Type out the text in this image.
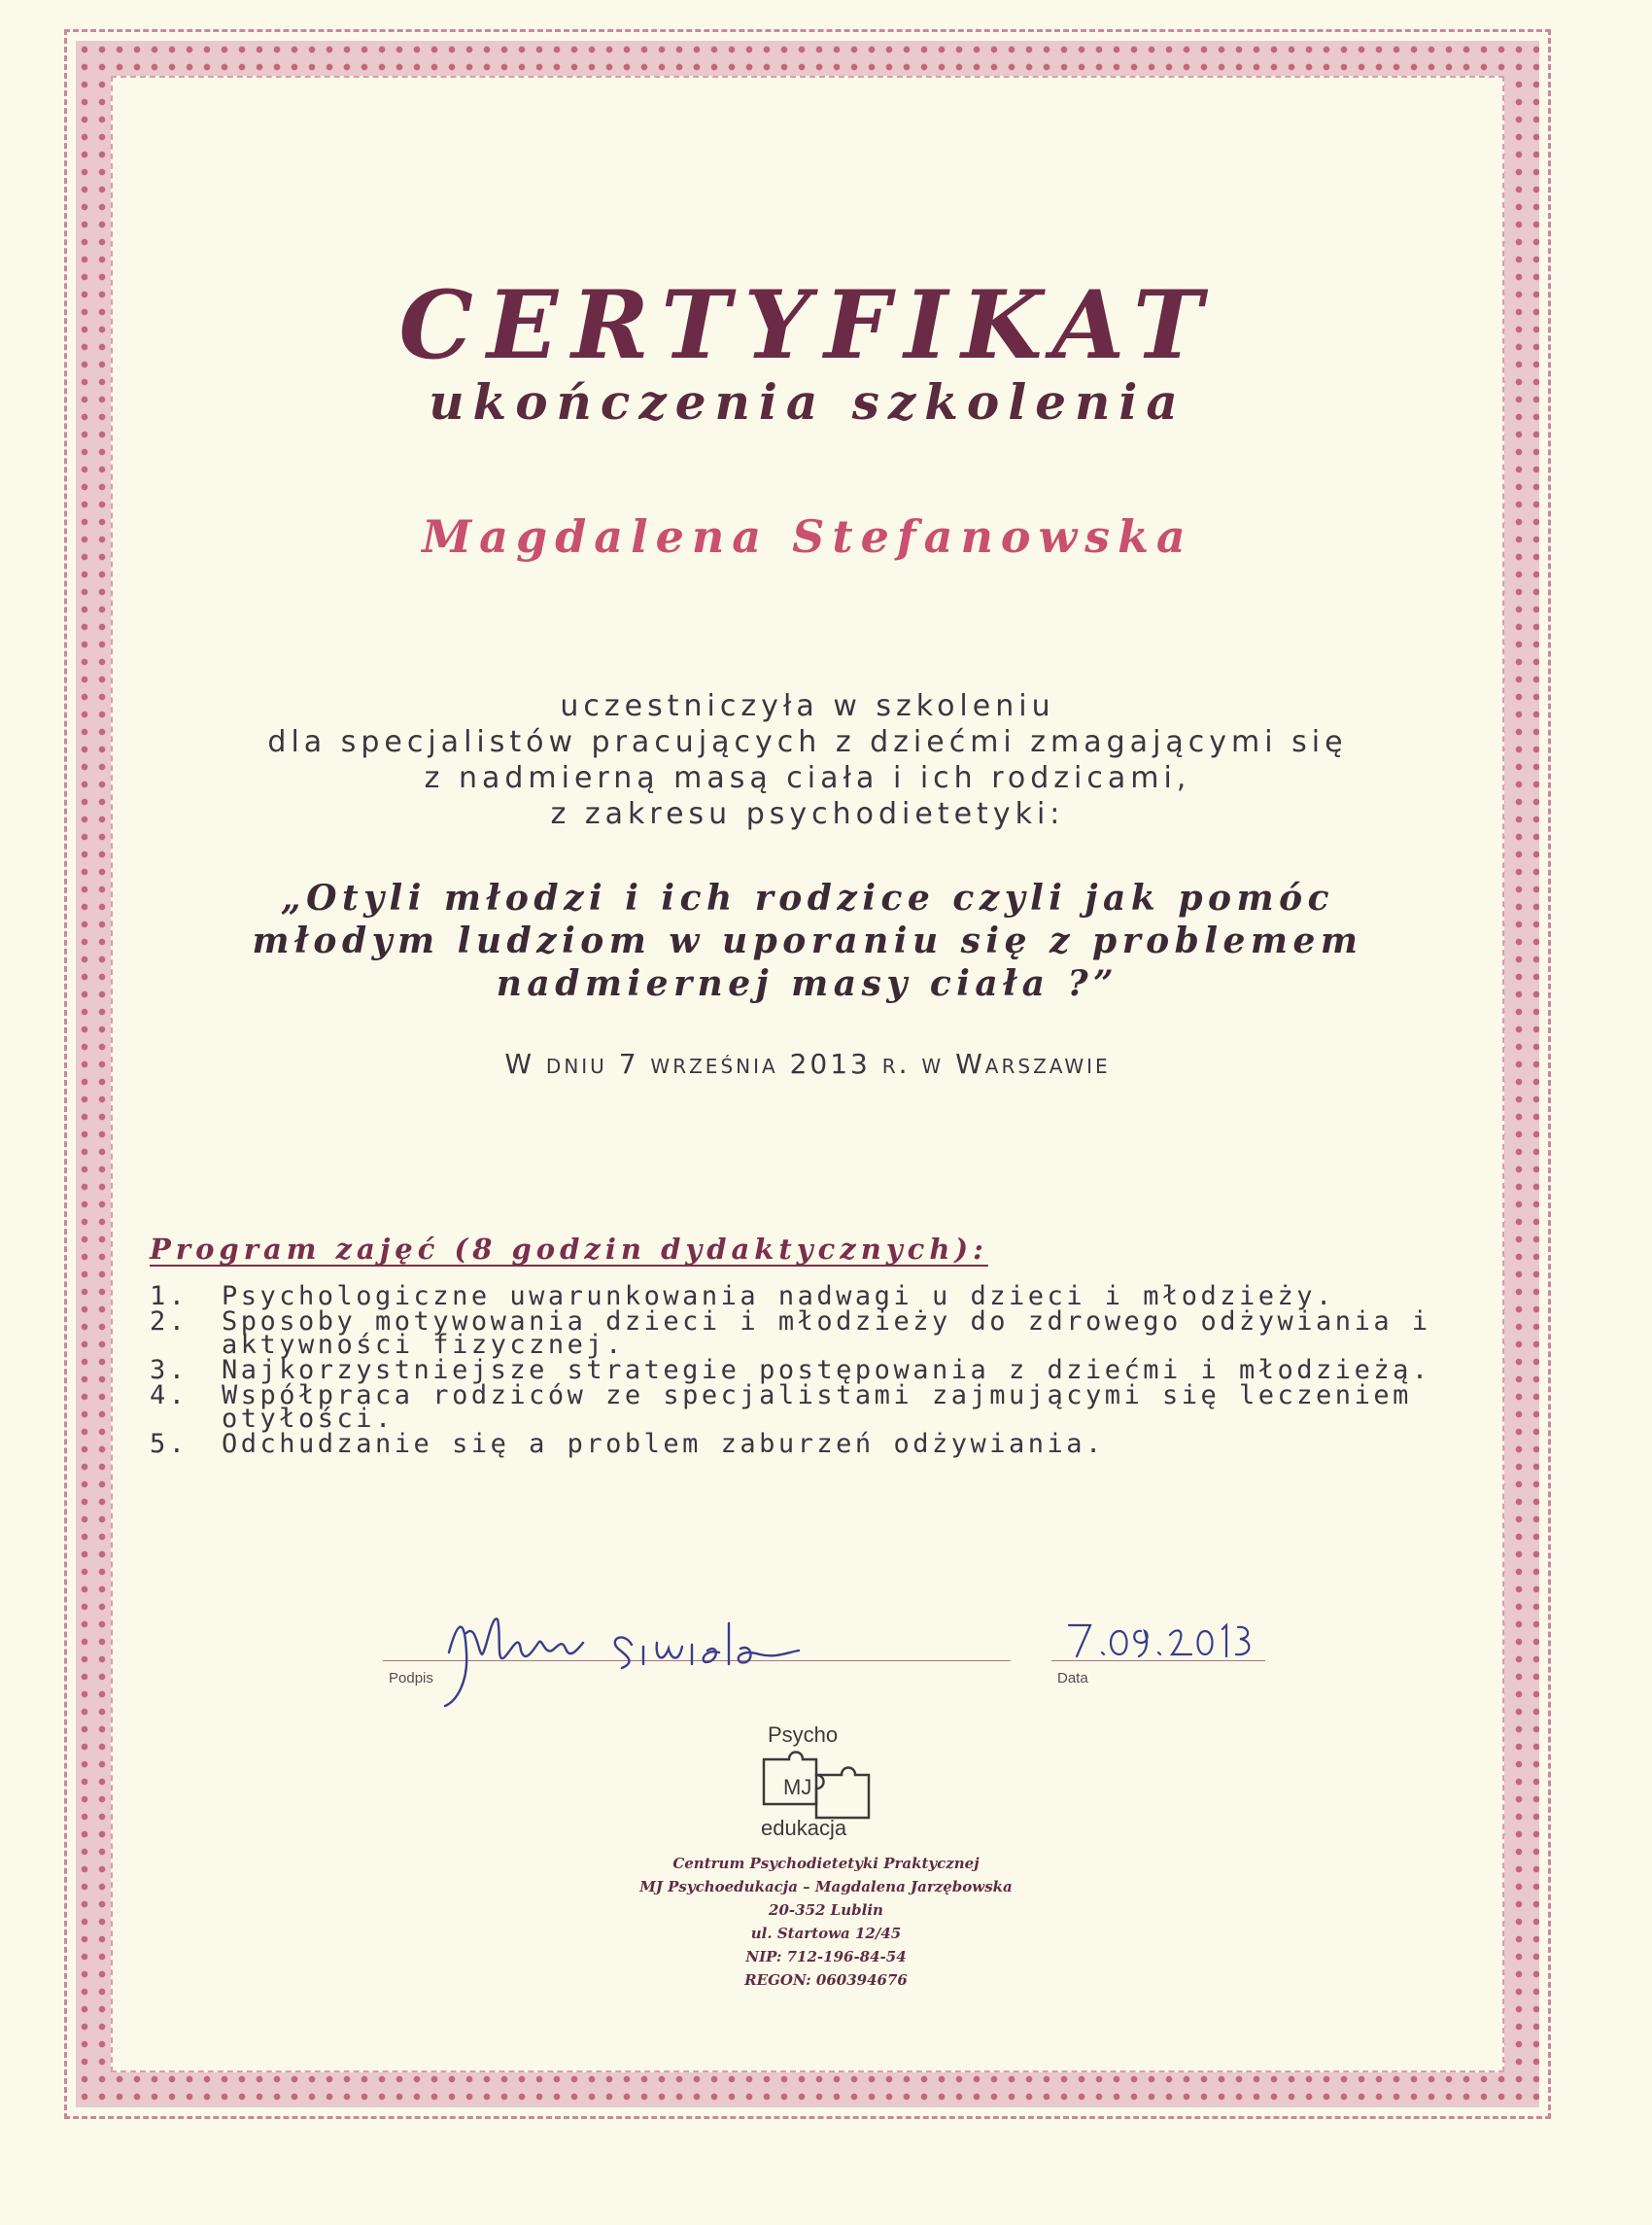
CERTYFIKAT
ukończenia szkolenia
Magdalena Stefanowska
uczestniczyła w szkoleniu
dla specjalistów pracujących z dziećmi zmagającymi się
z nadmierną masą ciała i ich rodzicami,
z zakresu psychodietetyki:
„Otyli młodzi i ich rodzice czyli jak pomóc
młodym ludziom w uporaniu się z problemem
nadmiernej masy ciała ?”
W dniu 7 września 2013 r. w Warszawie
Program zajęć (8 godzin dydaktycznych):
1.	Psychologiczne uwarunkowania nadwagi u dzieci i młodzieży.
2.	Sposoby motywowania dzieci i młodzieży do zdrowego odżywiania i aktywności fizycznej.
3.	Najkorzystniejsze strategie postępowania z dziećmi i młodzieżą.
4.	Współpraca rodziców ze specjalistami zajmującymi się leczeniem otyłości.
5.	Odchudzanie się a problem zaburzeń odżywiania.
Podpis	Data
Psycho
MJ
edukacja
Centrum Psychodietetyki Praktycznej
MJ Psychoedukacja – Magdalena Jarzębowska
20-352 Lublin
ul. Startowa 12/45
NIP: 712-196-84-54
REGON: 060394676
